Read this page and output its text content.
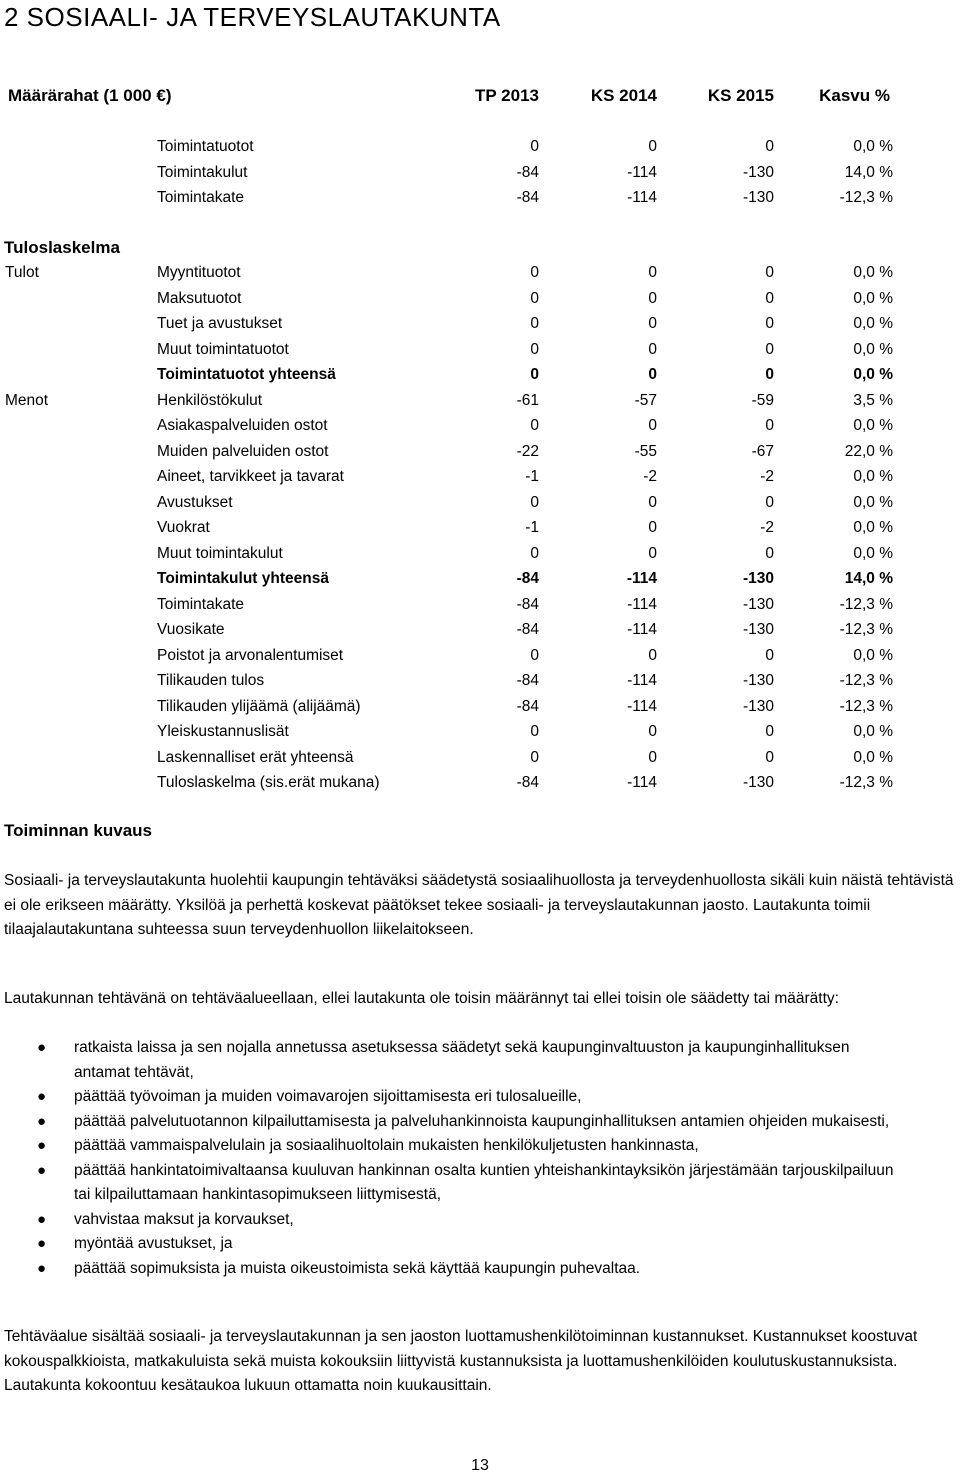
2 SOSIAALI- JA TERVEYSLAUTAKUNTA
Määrärahat (1 000 €)	TP 2013	KS 2014	KS 2015	Kasvu %
Toimintatuotot	0	0	0	0,0 %
Toimintakulut	-84	-114	-130	14,0 %
Toimintakate	-84	-114	-130	-12,3 %
Tuloslaskelma
Tulot	Myyntituotot	0	0	0	0,0 %
Maksutuotot	0	0	0	0,0 %
Tuet ja avustukset	0	0	0	0,0 %
Muut toimintatuotot	0	0	0	0,0 %
Toimintatuotot yhteensä	0	0	0	0,0 %
Menot	Henkilöstökulut	-61	-57	-59	3,5 %
Asiakaspalveluiden ostot	0	0	0	0,0 %
Muiden palveluiden ostot	-22	-55	-67	22,0 %
Aineet, tarvikkeet ja tavarat	-1	-2	-2	0,0 %
Avustukset	0	0	0	0,0 %
Vuokrat	-1	0	-2	0,0 %
Muut toimintakulut	0	0	0	0,0 %
Toimintakulut yhteensä	-84	-114	-130	14,0 %
Toimintakate	-84	-114	-130	-12,3 %
Vuosikate	-84	-114	-130	-12,3 %
Poistot ja arvonalentumiset	0	0	0	0,0 %
Tilikauden tulos	-84	-114	-130	-12,3 %
Tilikauden ylijäämä (alijäämä)	-84	-114	-130	-12,3 %
Yleiskustannuslisät	0	0	0	0,0 %
Laskennalliset erät yhteensä	0	0	0	0,0 %
Tuloslaskelma (sis.erät mukana)	-84	-114	-130	-12,3 %
Toiminnan kuvaus

Sosiaali- ja terveyslautakunta huolehtii kaupungin tehtäväksi säädetystä sosiaalihuollosta ja terveydenhuollosta sikäli kuin näistä tehtävistä ei ole erikseen määrätty. Yksilöä ja perhettä koskevat päätökset tekee sosiaali- ja terveyslautakunnan jaosto. Lautakunta toimii tilaajalautakuntana suhteessa suun terveydenhuollon liikelaitokseen.

Lautakunnan tehtävänä on tehtäväalueellaan, ellei lautakunta ole toisin määrännyt tai ellei toisin ole säädetty tai määrätty:

● ratkaista laissa ja sen nojalla annetussa asetuksessa säädetyt sekä kaupunginvaltuuston ja kaupunginhallituksen antamat tehtävät,
● päättää työvoiman ja muiden voimavarojen sijoittamisesta eri tulosalueille,
● päättää palvelutuotannon kilpailuttamisesta ja palveluhankinnoista kaupunginhallituksen antamien ohjeiden mukaisesti,
● päättää vammaispalvelulain ja sosiaalihuoltolain mukaisten henkilökuljetusten hankinnasta,
● päättää hankintatoimivaltaansa kuuluvan hankinnan osalta kuntien yhteishankintayksikön järjestämään tarjouskilpailuun tai kilpailuttamaan hankintasopimukseen liittymisestä,
● vahvistaa maksut ja korvaukset,
● myöntää avustukset, ja
● päättää sopimuksista ja muista oikeustoimista sekä käyttää kaupungin puhevaltaa.

Tehtäväalue sisältää sosiaali- ja terveyslautakunnan ja sen jaoston luottamushenkilötoiminnan kustannukset. Kustannukset koostuvat kokouspalkkioista, matkakuluista sekä muista kokouksiin liittyvistä kustannuksista ja luottamushenkilöiden koulutuskustannuksista. Lautakunta kokoontuu kesätaukoa lukuun ottamatta noin kuukausittain.

13
